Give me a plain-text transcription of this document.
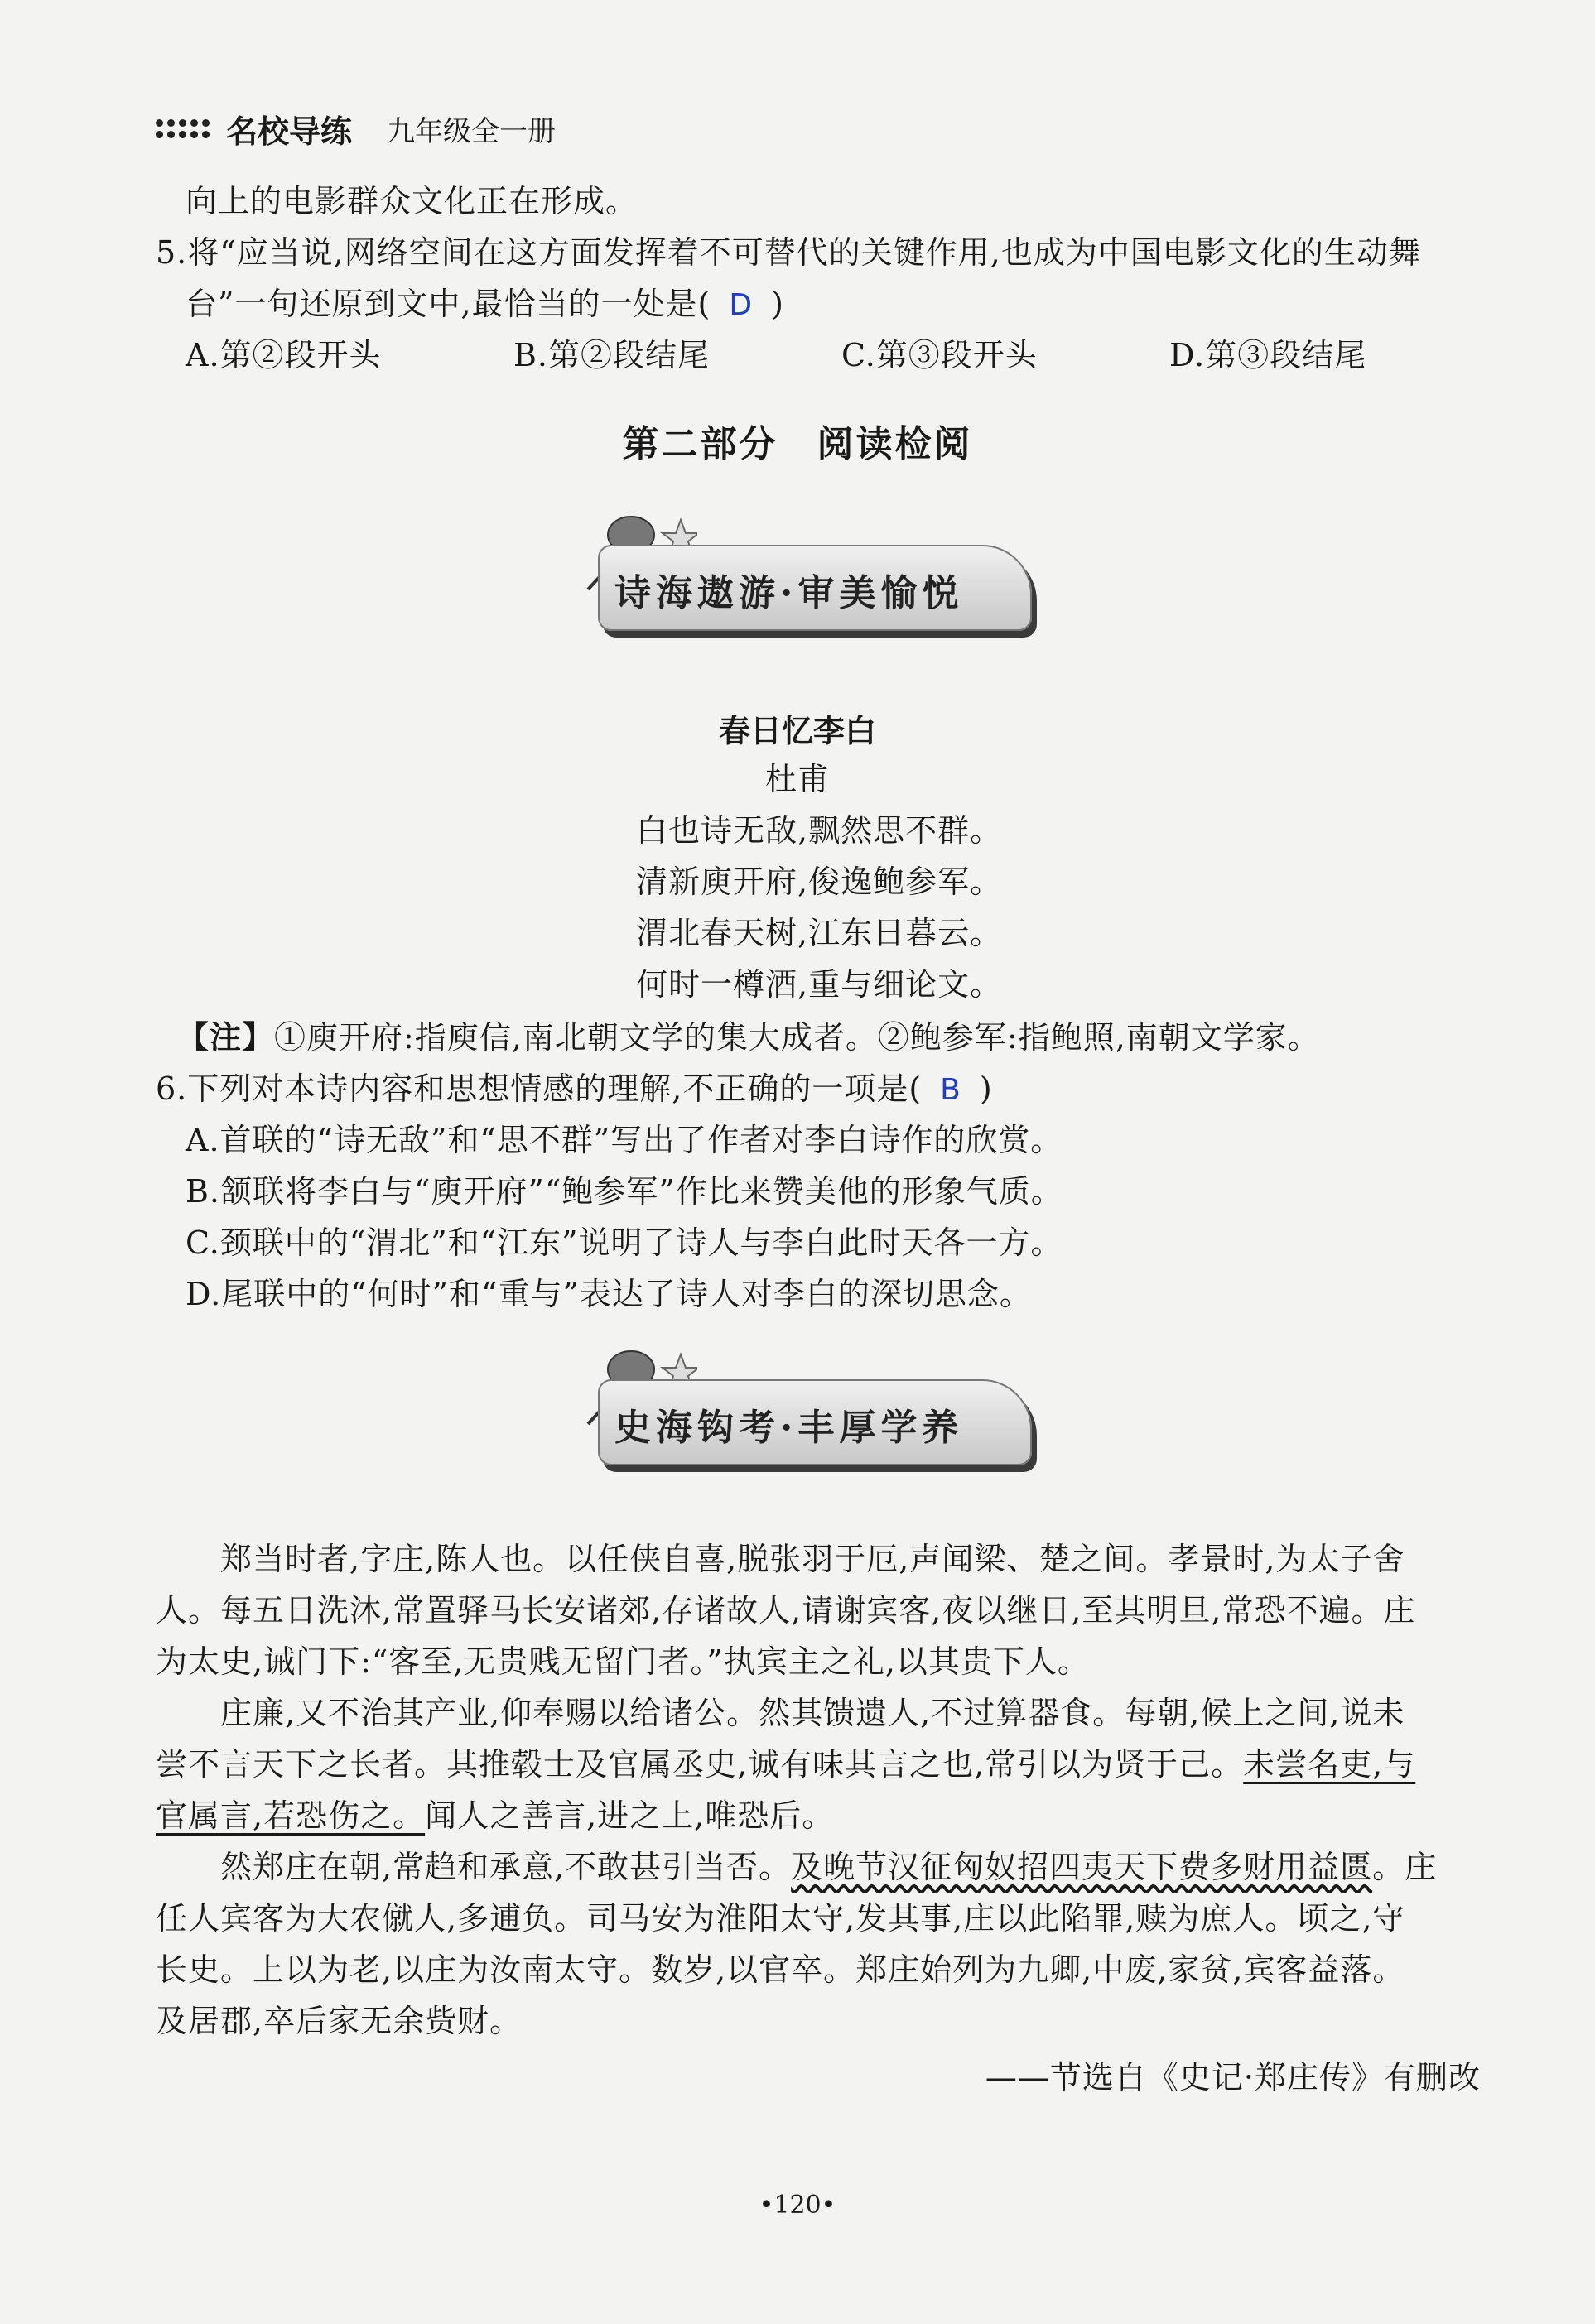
名校导练 九年级全一册
向上的电影群众文化正在形成。
5.将“应当说,网络空间在这方面发挥着不可替代的关键作用,也成为中国电影文化的生动舞
台”一句还原到文中,最恰当的一处是( D )
A.第②段开头	B.第②段结尾	C.第③段开头	D.第③段结尾
第二部分　阅读检阅
诗海遨游·审美愉悦
春日忆李白
杜甫
白也诗无敌,飘然思不群。
清新庾开府,俊逸鲍参军。
渭北春天树,江东日暮云。
何时一樽酒,重与细论文。
【注】①庾开府:指庾信,南北朝文学的集大成者。②鲍参军:指鲍照,南朝文学家。
6.下列对本诗内容和思想情感的理解,不正确的一项是( B )
A.首联的“诗无敌”和“思不群”写出了作者对李白诗作的欣赏。
B.颔联将李白与“庾开府”“鲍参军”作比来赞美他的形象气质。
C.颈联中的“渭北”和“江东”说明了诗人与李白此时天各一方。
D.尾联中的“何时”和“重与”表达了诗人对李白的深切思念。
史海钩考·丰厚学养
郑当时者,字庄,陈人也。以任侠自喜,脱张羽于厄,声闻梁、楚之间。孝景时,为太子舍
人。每五日洗沐,常置驿马长安诸郊,存诸故人,请谢宾客,夜以继日,至其明旦,常恐不遍。庄
为太史,诫门下:“客至,无贵贱无留门者。”执宾主之礼,以其贵下人。
庄廉,又不治其产业,仰奉赐以给诸公。然其馈遗人,不过算器食。每朝,候上之间,说未
尝不言天下之长者。其推毂士及官属丞史,诚有味其言之也,常引以为贤于己。未尝名吏,与
官属言,若恐伤之。闻人之善言,进之上,唯恐后。
然郑庄在朝,常趋和承意,不敢甚引当否。及晚节汉征匈奴招四夷天下费多财用益匮。庄
任人宾客为大农僦人,多逋负。司马安为淮阳太守,发其事,庄以此陷罪,赎为庶人。顷之,守
长史。上以为老,以庄为汝南太守。数岁,以官卒。郑庄始列为九卿,中废,家贫,宾客益落。
及居郡,卒后家无余赀财。
——节选自《史记·郑庄传》有删改
•120•
